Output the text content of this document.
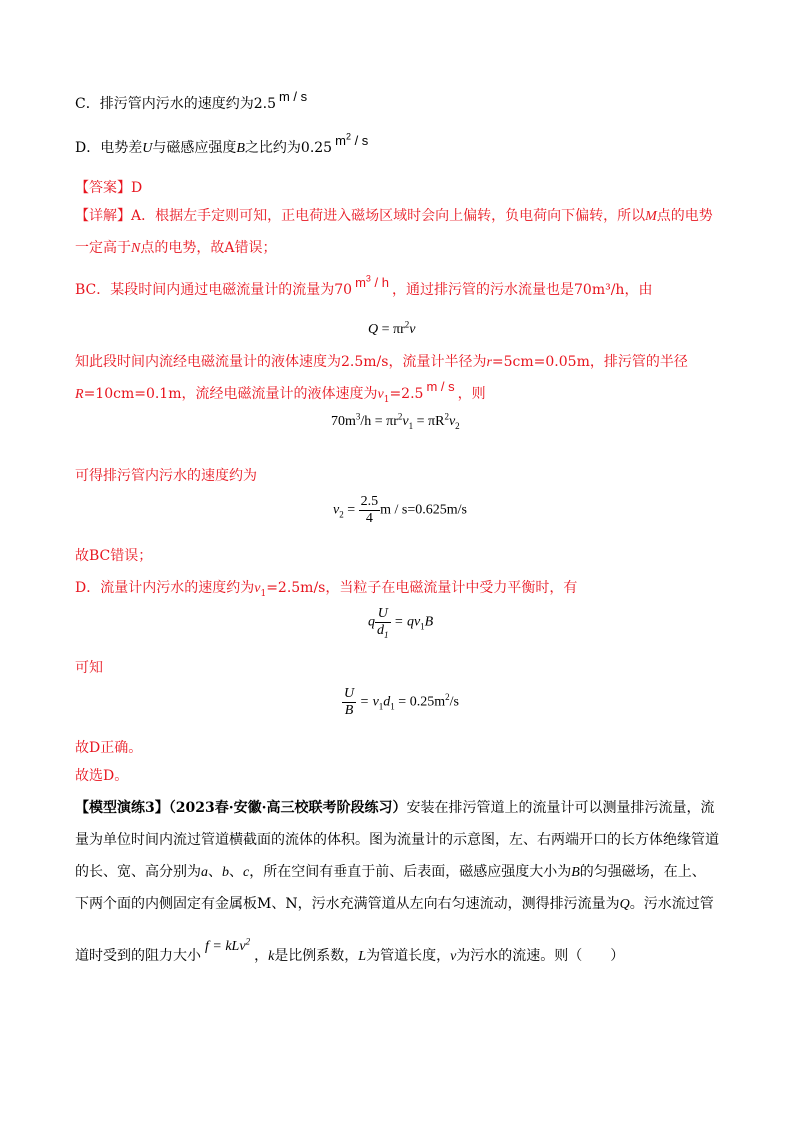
C．排污管内污水的速度约为2.5 m / s
D．电势差U与磁感应强度B之比约为0.25 $m^2$ / s
【答案】D
【详解】A．根据左手定则可知，正电荷进入磁场区域时会向上偏转，负电荷向下偏转，所以M点的电势
一定高于N点的电势，故A错误；
BC．某段时间内通过电磁流量计的流量为70 $m^3$ / h ，通过排污管的污水流量也是70m³/h，由
$Q = \pi r^2v$
知此段时间内流经电磁流量计的液体速度为2.5m/s，流量计半径为r=5cm=0.05m，排污管的半径
R=10cm=0.1m，流经电磁流量计的液体速度为$v_1=2.5$ m / s ，则
$70m^3/h = \pi r^2v_1 = \pi R^2v_2$
可得排污管内污水的速度约为
$v_2 = \frac{2.5}{4}$ m / s=0.625m/s
故BC错误；
D．流量计内污水的速度约为$v_1=2.5m/s$，当粒子在电磁流量计中受力平衡时，有
q $\frac{U}{d_1} = qv_1B$
可知
$\frac{U}{B} = v_1d_1 = 0.25m^2/s$
故D正确。
故选D。
【模型演练3】（2023春·安徽·高三校联考阶段练习）安装在排污管道上的流量计可以测量排污流量，流
量为单位时间内流过管道横截面的流体的体积。图为流量计的示意图，左、右两端开口的长方体绝缘管道
的长、宽、高分别为a、b、c，所在空间有垂直于前、后表面，磁感应强度大小为B的匀强磁场，在上、
下两个面的内侧固定有金属板M、N，污水充满管道从左向右匀速流动，测得排污流量为Q。污水流过管
道时受到的阻力大小f = kLv$^2$，k是比例系数，L为管道长度，v为污水的流速。则（　　）
